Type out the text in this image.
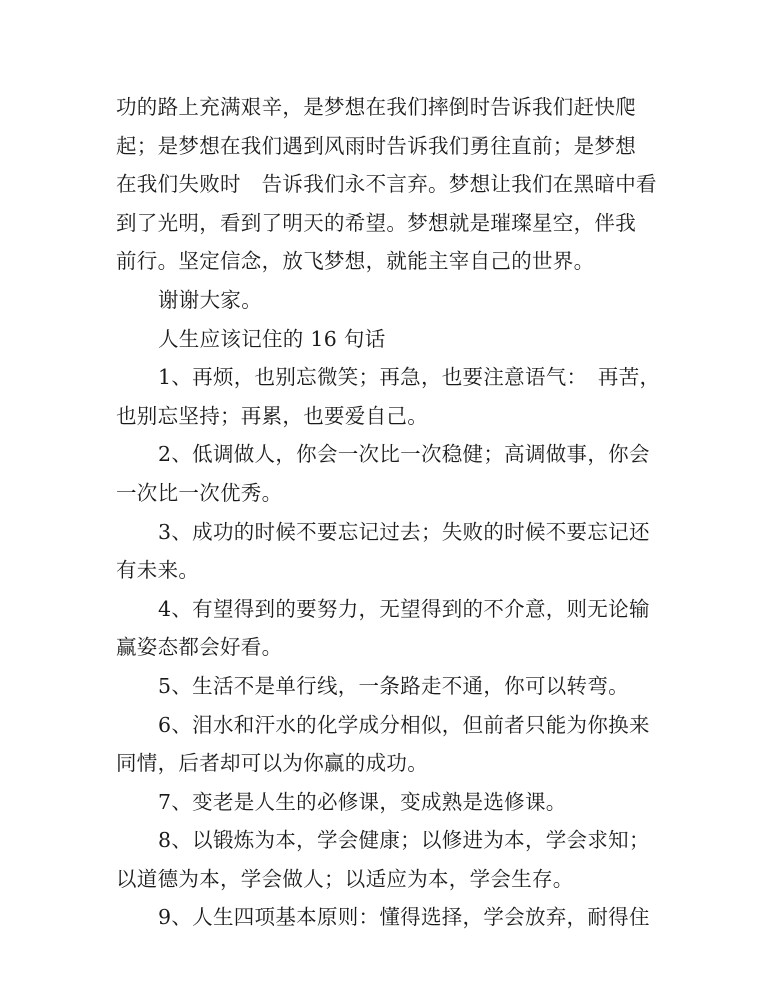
功的路上充满艰辛，是梦想在我们摔倒时告诉我们赶快爬
起；是梦想在我们遇到风雨时告诉我们勇往直前；是梦想
在我们失败时　告诉我们永不言弃。梦想让我们在黑暗中看
到了光明，看到了明天的希望。梦想就是璀璨星空，伴我
前行。坚定信念，放飞梦想，就能主宰自己的世界。
谢谢大家。
人生应该记住的 16 句话
1、再烦，也别忘微笑；再急，也要注意语气：　再苦，
也别忘坚持；再累，也要爱自己。
2、低调做人，你会一次比一次稳健；高调做事，你会
一次比一次优秀。
3、成功的时候不要忘记过去；失败的时候不要忘记还
有未来。
4、有望得到的要努力，无望得到的不介意，则无论输
赢姿态都会好看。
5、生活不是单行线，一条路走不通，你可以转弯。
6、泪水和汗水的化学成分相似，但前者只能为你换来
同情，后者却可以为你赢的成功。
7、变老是人生的必修课，变成熟是选修课。
8、以锻炼为本，学会健康；以修进为本，学会求知；
以道德为本，学会做人；以适应为本，学会生存。
9、人生四项基本原则：懂得选择，学会放弃，耐得住
